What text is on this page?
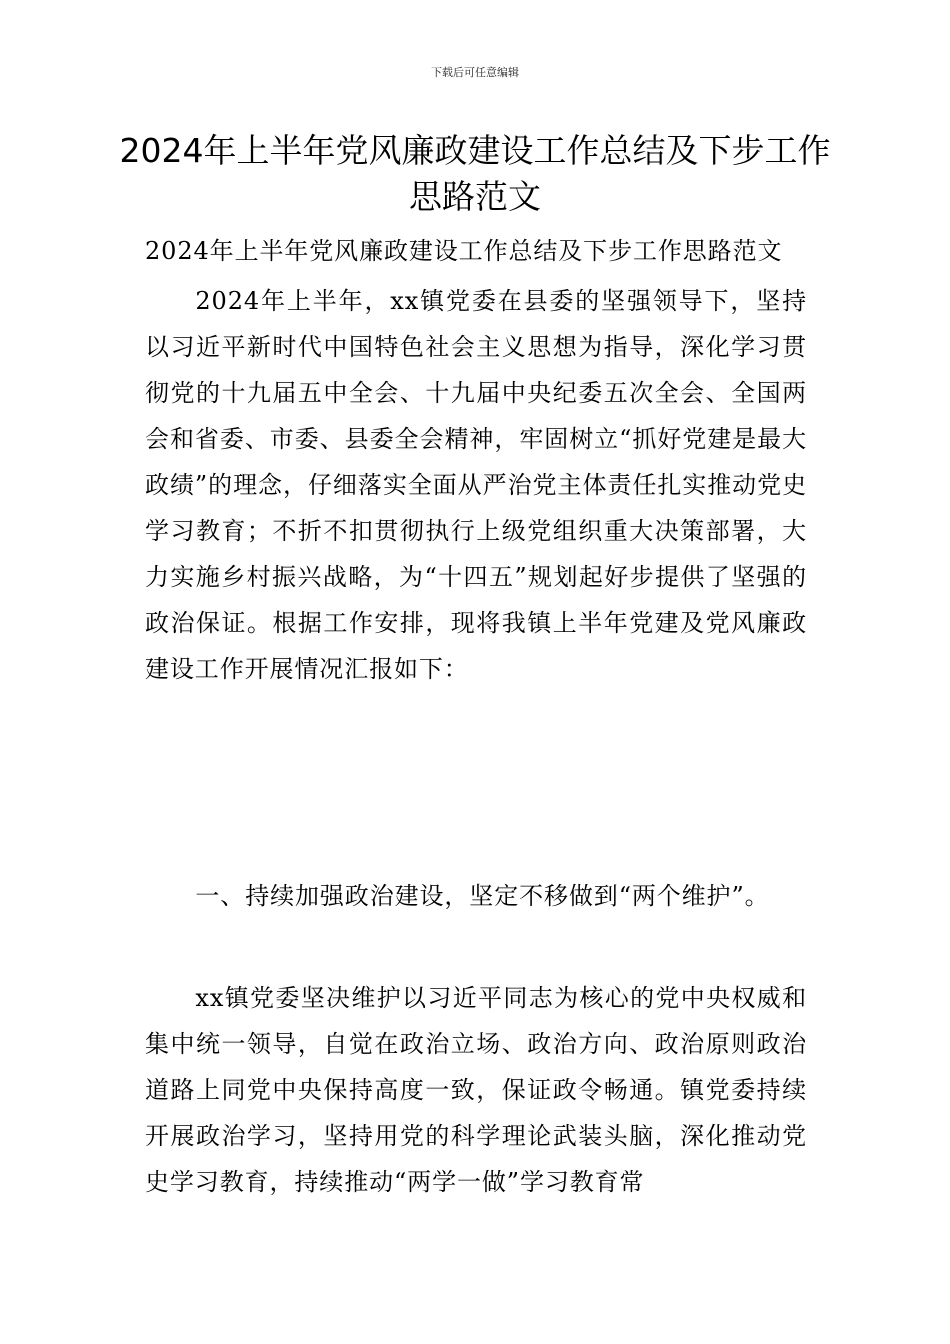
下载后可任意编辑
2024年上半年党风廉政建设工作总结及下步工作思路范文

2024年上半年党风廉政建设工作总结及下步工作思路范文

2024年上半年，xx镇党委在县委的坚强领导下，坚持以习近平新时代中国特色社会主义思想为指导，深化学习贯彻党的十九届五中全会、十九届中央纪委五次全会、全国两会和省委、市委、县委全会精神，牢固树立“抓好党建是最大政绩”的理念，仔细落实全面从严治党主体责任扎实推动党史学习教育；不折不扣贯彻执行上级党组织重大决策部署，大力实施乡村振兴战略，为“十四五”规划起好步提供了坚强的政治保证。根据工作安排，现将我镇上半年党建及党风廉政建设工作开展情况汇报如下：

一、持续加强政治建设，坚定不移做到“两个维护”。

xx镇党委坚决维护以习近平同志为核心的党中央权威和集中统一领导，自觉在政治立场、政治方向、政治原则政治道路上同党中央保持高度一致，保证政令畅通。镇党委持续开展政治学习，坚持用党的科学理论武装头脑，深化推动党史学习教育，持续推动“两学一做”学习教育常
